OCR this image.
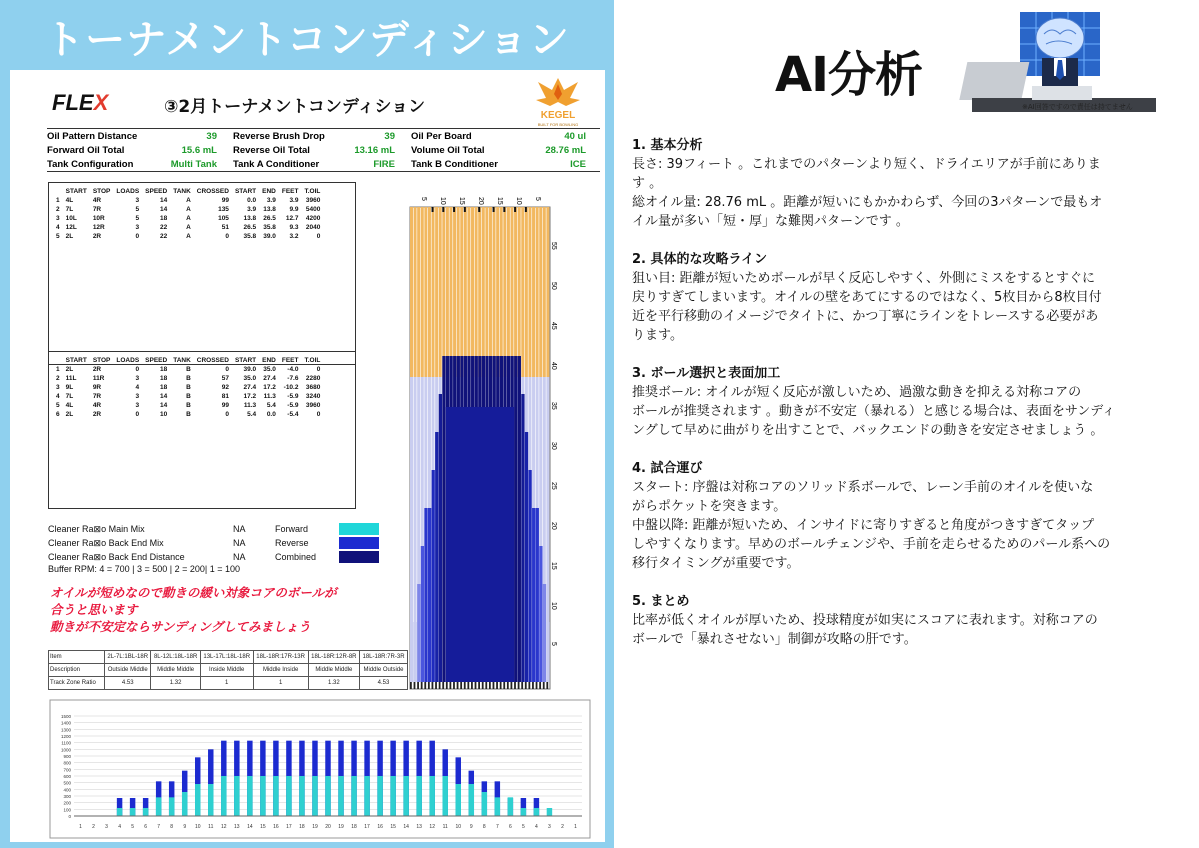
トーナメントコンディション
FLEX	③2月トーナメントコンディション	KEGEL
BUILT FOR BOWLING
Oil Pattern Distance	39 Reverse Brush Drop	39 Oil Per Board	40 ul
Forward Oil Total	15.6 mL Reverse Oil Total	13.16 mL Volume Oil Total	28.76 mL
Tank Configuration	Multi Tank Tank A Conditioner	FIRE Tank B Conditioner	ICE
	START	STOP	LOADS	SPEED	TANK	CROSSED	START	END	FEET	T.OIL
1	4L	4R	3	14	A	99	0.0	3.9	3.9	3960
2	7L	7R	5	14	A	135	3.9	13.8	9.9	5400
3	10L	10R	5	18	A	105	13.8	26.5	12.7	4200
4	12L	12R	3	22	A	51	26.5	35.8	9.3	2040
5	2L	2R	0	22	A	0	35.8	39.0	3.2	0
	START	STOP	LOADS	SPEED	TANK	CROSSED	START	END	FEET	T.OIL
1	2L	2R	0	18	B	0	39.0	35.0	-4.0	0
2	11L	11R	3	18	B	57	35.0	27.4	-7.6	2280
3	9L	9R	4	18	B	92	27.4	17.2	-10.2	3680
4	7L	7R	3	14	B	81	17.2	11.3	-5.9	3240
5	4L	4R	3	14	B	99	11.3	5.4	-5.9	3960
6	2L	2R	0	10	B	0	5.4	0.0	-5.4	0
Cleaner Ra⊠o Main Mix	NA	Forward
Cleaner Ra⊠o Back End Mix	NA	Reverse
Cleaner Ra⊠o Back End Distance	NA	Combined
Buffer RPM: 4 = 700 | 3 = 500 | 2 = 200| 1 = 100
オイルが短めなので動きの緩い対象コアのボールが
合うと思います
動きが不安定ならサンディングしてみましょう
Item	2L-7L:1BL-18R	8L-12L:18L-18R	13L-17L:18L-18R	18L-18R:17R-13R	18L-18R:12R-8R	18L-18R:7R-3R
Description	Outside Middle	Middle Middle	Inside Middle	Middle Inside	Middle Middle	Middle Outside
Track Zone Ratio	4.53	1.32	1	1	1.32	4.53
5 10 15 20 15 10 5
55
50
45
40
35
30
25
20
15
10
5
0
100
200
300
400
500
600
700
800
900
1000
1100
1200
1300
1400
1500
1 2 3 4 5 6 7 8 9 10 11 12 13 14 15 16 17 18 19 20 19 18 17 16 15 14 13 12 11 10 9 8 7 6 5 4 3 2 1
AI分析
※AI回答ですので責任は持てません
1. 基本分析

長さ: 39フィート 。これまでのパターンより短く、ドライエリアが手前にありま

す 。

総オイル量: 28.76 mL 。距離が短いにもかかわらず、今回の3パターンで最もオ

イル量が多い「短・厚」な難関パターンです 。

2. 具体的な攻略ライン

狙い目: 距離が短いためボールが早く反応しやすく、外側にミスをするとすぐに

戻りすぎてしまいます。オイルの壁をあてにするのではなく、5枚目から8枚目付

近を平行移動のイメージでタイトに、かつ丁寧にラインをトレースする必要があ

ります。

3. ボール選択と表面加工

推奨ボール: オイルが短く反応が激しいため、過激な動きを抑える対称コアの

ボールが推奨されます 。動きが不安定（暴れる）と感じる場合は、表面をサンディ

ングして早めに曲がりを出すことで、バックエンドの動きを安定させましょう 。

4. 試合運び

スタート: 序盤は対称コアのソリッド系ボールで、レーン手前のオイルを使いな

がらポケットを突きます。

中盤以降: 距離が短いため、インサイドに寄りすぎると角度がつきすぎてタップ

しやすくなります。早めのボールチェンジや、手前を走らせるためのパール系への

移行タイミングが重要です。

5. まとめ

比率が低くオイルが厚いため、投球精度が如実にスコアに表れます。対称コアの

ボールで「暴れさせない」制御が攻略の肝です。
